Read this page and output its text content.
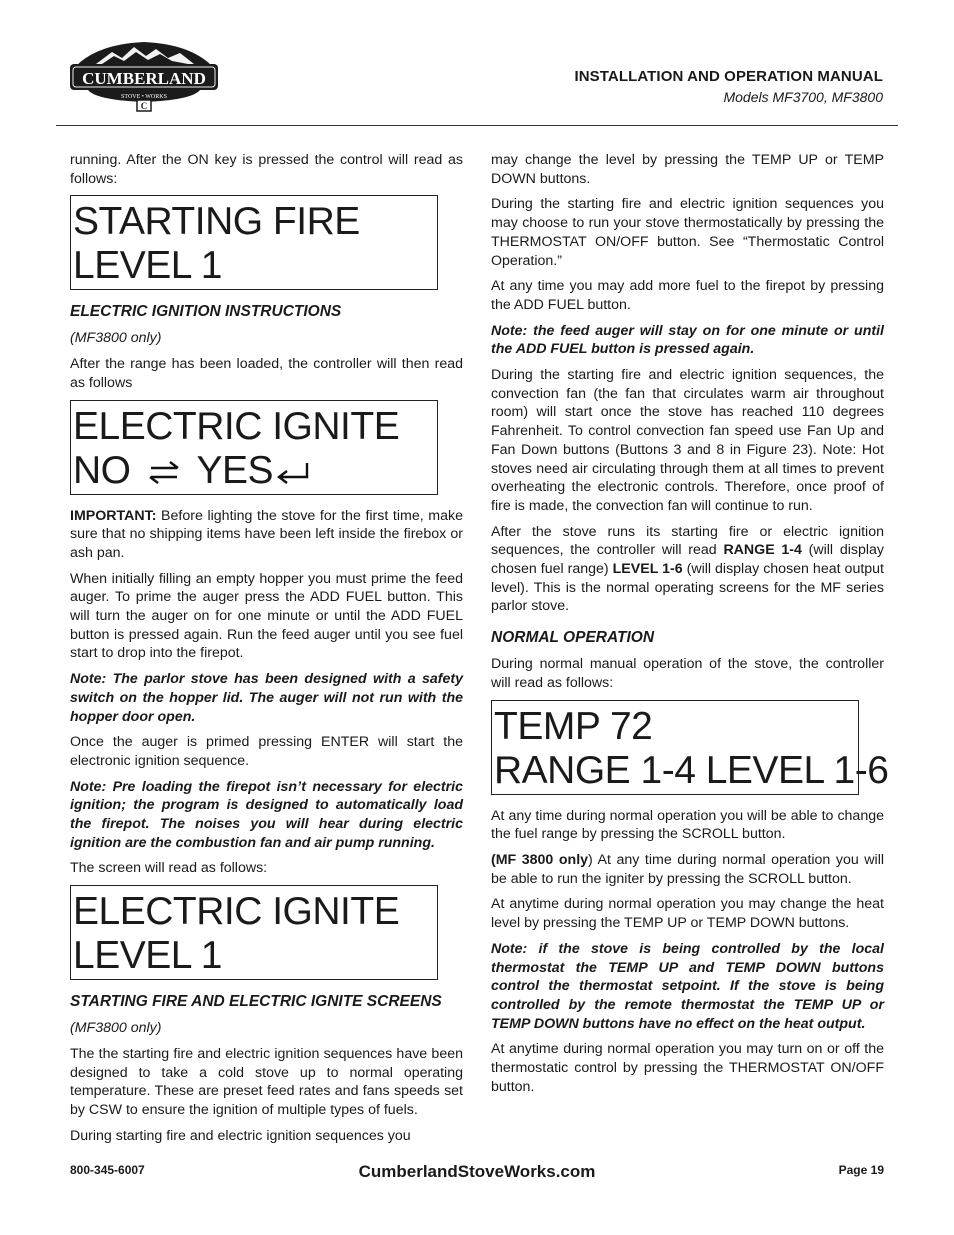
CUMBERLAND
STOVE • WORKS
C
INSTALLATION AND OPERATION MANUAL
Models MF3700, MF3800

running. After the ON key is pressed the control will read as follows:

STARTING FIRE
LEVEL 1
ELECTRIC IGNITION INSTRUCTIONS

(MF3800 only)

After the range has been loaded, the controller will then read as follows

ELECTRIC IGNITE
NO YES

IMPORTANT: Before lighting the stove for the first time, make sure that no shipping items have been left inside the firebox or ash pan.

When initially filling an empty hopper you must prime the feed auger. To prime the auger press the ADD FUEL button. This will turn the auger on for one minute or until the ADD FUEL button is pressed again. Run the feed auger until you see fuel start to drop into the firepot.

Note: The parlor stove has been designed with a safety switch on the hopper lid. The auger will not run with the hopper door open.

Once the auger is primed pressing ENTER will start the electronic ignition sequence.

Note: Pre loading the firepot isn’t necessary for electric ignition; the program is designed to automatically load the firepot. The noises you will hear during electric ignition are the combustion fan and air pump running.

The screen will read as follows:

ELECTRIC IGNITE
LEVEL 1
STARTING FIRE AND ELECTRIC IGNITE SCREENS

(MF3800 only)

The the starting fire and electric ignition sequences have been designed to take a cold stove up to normal operating temperature. These are preset feed rates and fans speeds set by CSW to ensure the ignition of multiple types of fuels.

During starting fire and electric ignition sequences you

may change the level by pressing the TEMP UP or TEMP DOWN buttons.

During the starting fire and electric ignition sequences you may choose to run your stove thermostatically by pressing the THERMOSTAT ON/OFF button. See “Thermostatic Control Operation.”

At any time you may add more fuel to the firepot by pressing the ADD FUEL button.

Note: the feed auger will stay on for one minute or until the ADD FUEL button is pressed again.

During the starting fire and electric ignition sequences, the convection fan (the fan that circulates warm air throughout room) will start once the stove has reached 110 degrees Fahrenheit. To control convection fan speed use Fan Up and Fan Down buttons (Buttons 3 and 8 in Figure 23). Note: Hot stoves need air circulating through them at all times to prevent overheating the electronic controls. Therefore, once proof of fire is made, the convection fan will continue to run.

After the stove runs its starting fire or electric ignition sequences, the controller will read RANGE 1-4 (will display chosen fuel range) LEVEL 1-6 (will display chosen heat output level). This is the normal operating screens for the MF series parlor stove.

NORMAL OPERATION

During normal manual operation of the stove, the controller will read as follows:

TEMP 72
RANGE 1-4 LEVEL 1-6

At any time during normal operation you will be able to change the fuel range by pressing the SCROLL button.

(MF 3800 only) At any time during normal operation you will be able to run the igniter by pressing the SCROLL button.

At anytime during normal operation you may change the heat level by pressing the TEMP UP or TEMP DOWN buttons.

Note: if the stove is being controlled by the local thermostat the TEMP UP and TEMP DOWN buttons control the thermostat setpoint. If the stove is being controlled by the remote thermostat the TEMP UP or TEMP DOWN buttons have no effect on the heat output.

At anytime during normal operation you may turn on or off the thermostatic control by pressing the THERMOSTAT ON/OFF button.

800-345-6007	CumberlandStoveWorks.com	Page 19
